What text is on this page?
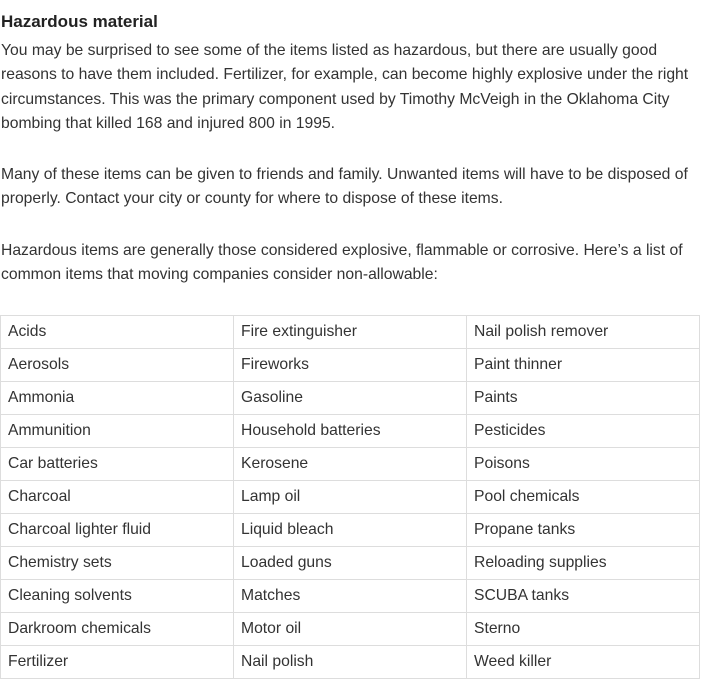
Hazardous material

You may be surprised to see some of the items listed as hazardous, but there are usually good reasons to have them included. Fertilizer, for example, can become highly explosive under the right circumstances. This was the primary component used by Timothy McVeigh in the Oklahoma City bombing that killed 168 and injured 800 in 1995.

Many of these items can be given to friends and family. Unwanted items will have to be disposed of properly. Contact your city or county for where to dispose of these items.

Hazardous items are generally those considered explosive, flammable or corrosive. Here’s a list of common items that moving companies consider non-allowable:

Acids	Fire extinguisher	Nail polish remover
Aerosols	Fireworks	Paint thinner
Ammonia	Gasoline	Paints
Ammunition	Household batteries	Pesticides
Car batteries	Kerosene	Poisons
Charcoal	Lamp oil	Pool chemicals
Charcoal lighter fluid	Liquid bleach	Propane tanks
Chemistry sets	Loaded guns	Reloading supplies
Cleaning solvents	Matches	SCUBA tanks
Darkroom chemicals	Motor oil	Sterno
Fertilizer	Nail polish	Weed killer
